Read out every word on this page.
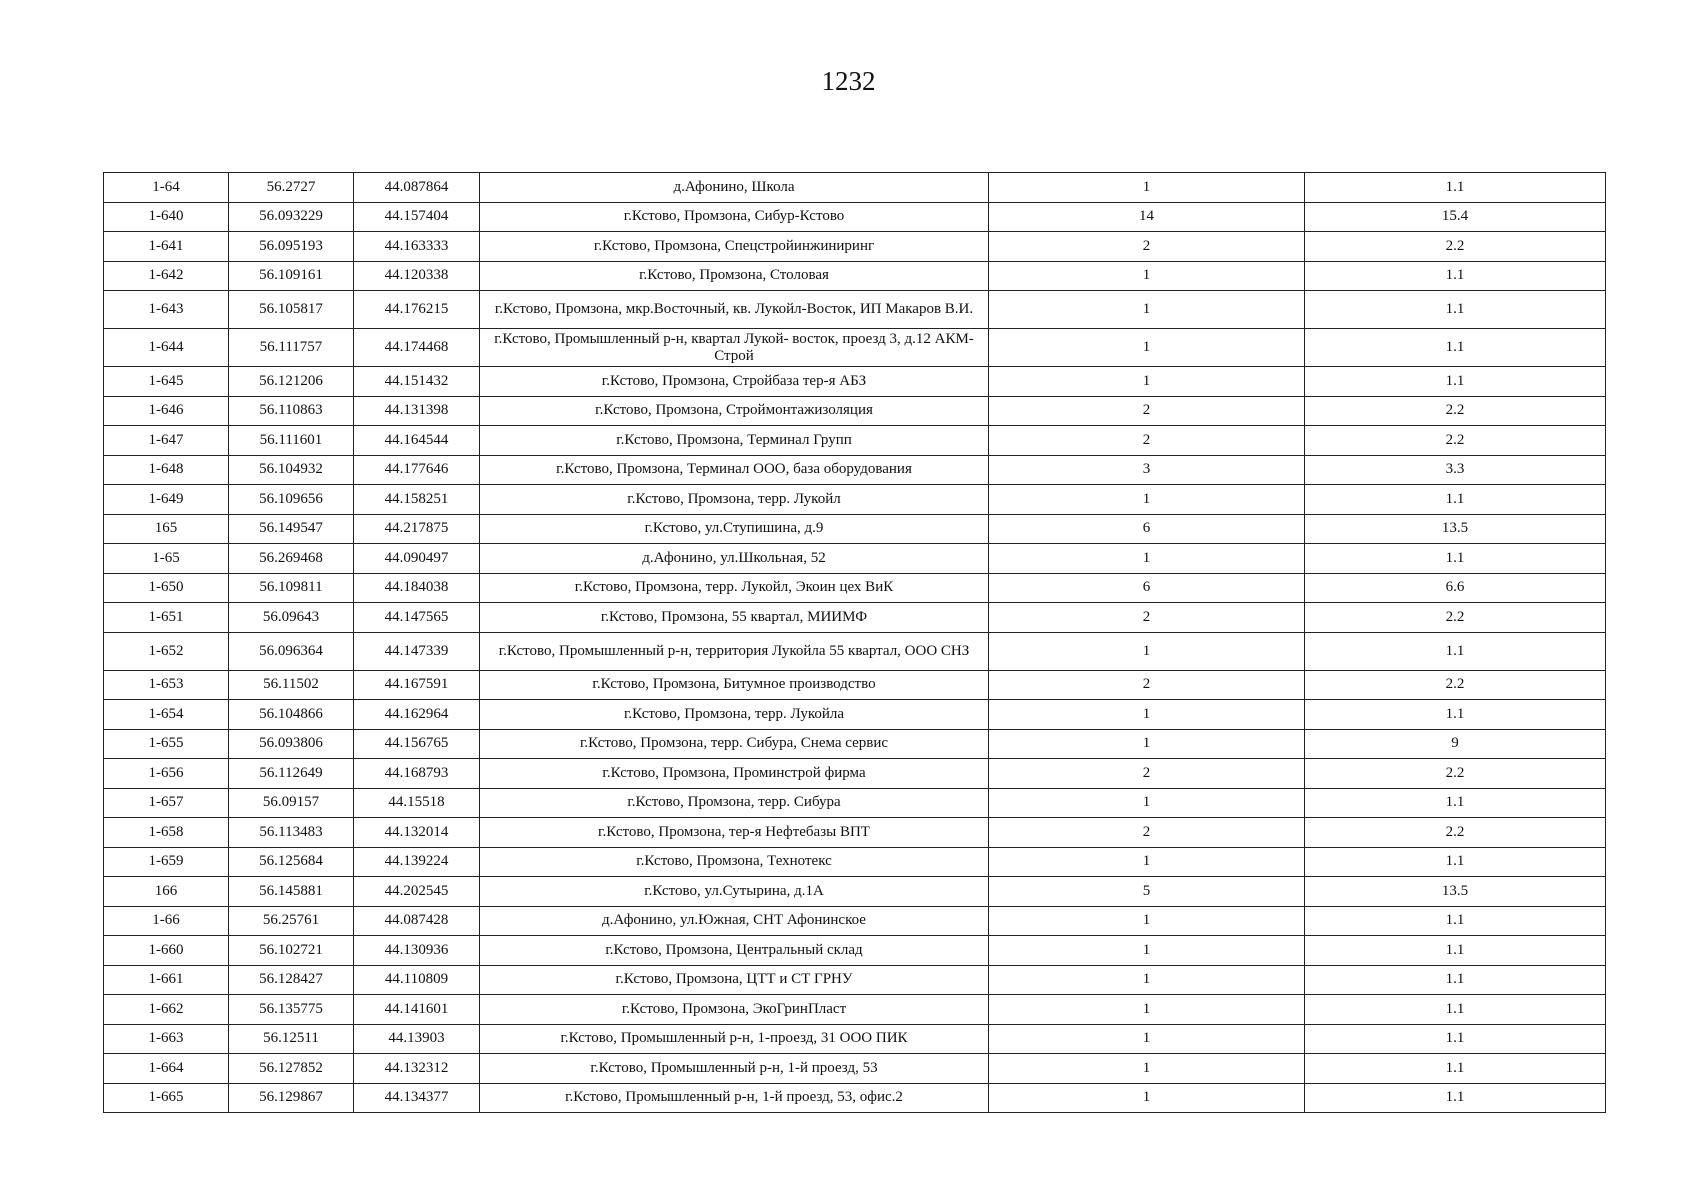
1232
1-64	56.2727	44.087864	д.Афонино, Школа	1	1.1
1-640	56.093229	44.157404	г.Кстово, Промзона, Сибур-Кстово	14	15.4
1-641	56.095193	44.163333	г.Кстово, Промзона, Спецстройинжиниринг	2	2.2
1-642	56.109161	44.120338	г.Кстово, Промзона, Столовая	1	1.1
1-643	56.105817	44.176215	г.Кстово, Промзона, мкр.Восточный, кв. Лукойл-Восток, ИП Макаров В.И.	1	1.1
1-644	56.111757	44.174468	г.Кстово, Промышленный р-н, квартал Лукой- восток, проезд 3, д.12 АКМ-Строй	1	1.1
1-645	56.121206	44.151432	г.Кстово, Промзона, Стройбаза тер-я АБЗ	1	1.1
1-646	56.110863	44.131398	г.Кстово, Промзона, Строймонтажизоляция	2	2.2
1-647	56.111601	44.164544	г.Кстово, Промзона, Терминал Групп	2	2.2
1-648	56.104932	44.177646	г.Кстово, Промзона, Терминал ООО, база оборудования	3	3.3
1-649	56.109656	44.158251	г.Кстово, Промзона, терр. Лукойл	1	1.1
165	56.149547	44.217875	г.Кстово, ул.Ступишина, д.9	6	13.5
1-65	56.269468	44.090497	д.Афонино, ул.Школьная, 52	1	1.1
1-650	56.109811	44.184038	г.Кстово, Промзона, терр. Лукойл, Экоин цех ВиК	6	6.6
1-651	56.09643	44.147565	г.Кстово, Промзона, 55 квартал, МИИМФ	2	2.2
1-652	56.096364	44.147339	г.Кстово, Промышленный р-н, территория Лукойла 55 квартал, ООО СНЗ	1	1.1
1-653	56.11502	44.167591	г.Кстово, Промзона, Битумное производство	2	2.2
1-654	56.104866	44.162964	г.Кстово, Промзона, терр. Лукойла	1	1.1
1-655	56.093806	44.156765	г.Кстово, Промзона, терр. Сибура, Снема сервис	1	9
1-656	56.112649	44.168793	г.Кстово, Промзона, Проминстрой фирма	2	2.2
1-657	56.09157	44.15518	г.Кстово, Промзона, терр. Сибура	1	1.1
1-658	56.113483	44.132014	г.Кстово, Промзона, тер-я Нефтебазы ВПТ	2	2.2
1-659	56.125684	44.139224	г.Кстово, Промзона, Технотекс	1	1.1
166	56.145881	44.202545	г.Кстово, ул.Сутырина, д.1А	5	13.5
1-66	56.25761	44.087428	д.Афонино, ул.Южная, СНТ Афонинское	1	1.1
1-660	56.102721	44.130936	г.Кстово, Промзона, Центральный склад	1	1.1
1-661	56.128427	44.110809	г.Кстово, Промзона, ЦТТ и СТ ГРНУ	1	1.1
1-662	56.135775	44.141601	г.Кстово, Промзона, ЭкоГринПласт	1	1.1
1-663	56.12511	44.13903	г.Кстово, Промышленный р-н, 1-проезд, 31 ООО ПИК	1	1.1
1-664	56.127852	44.132312	г.Кстово, Промышленный р-н, 1-й проезд, 53	1	1.1
1-665	56.129867	44.134377	г.Кстово, Промышленный р-н, 1-й проезд, 53, офис.2	1	1.1
